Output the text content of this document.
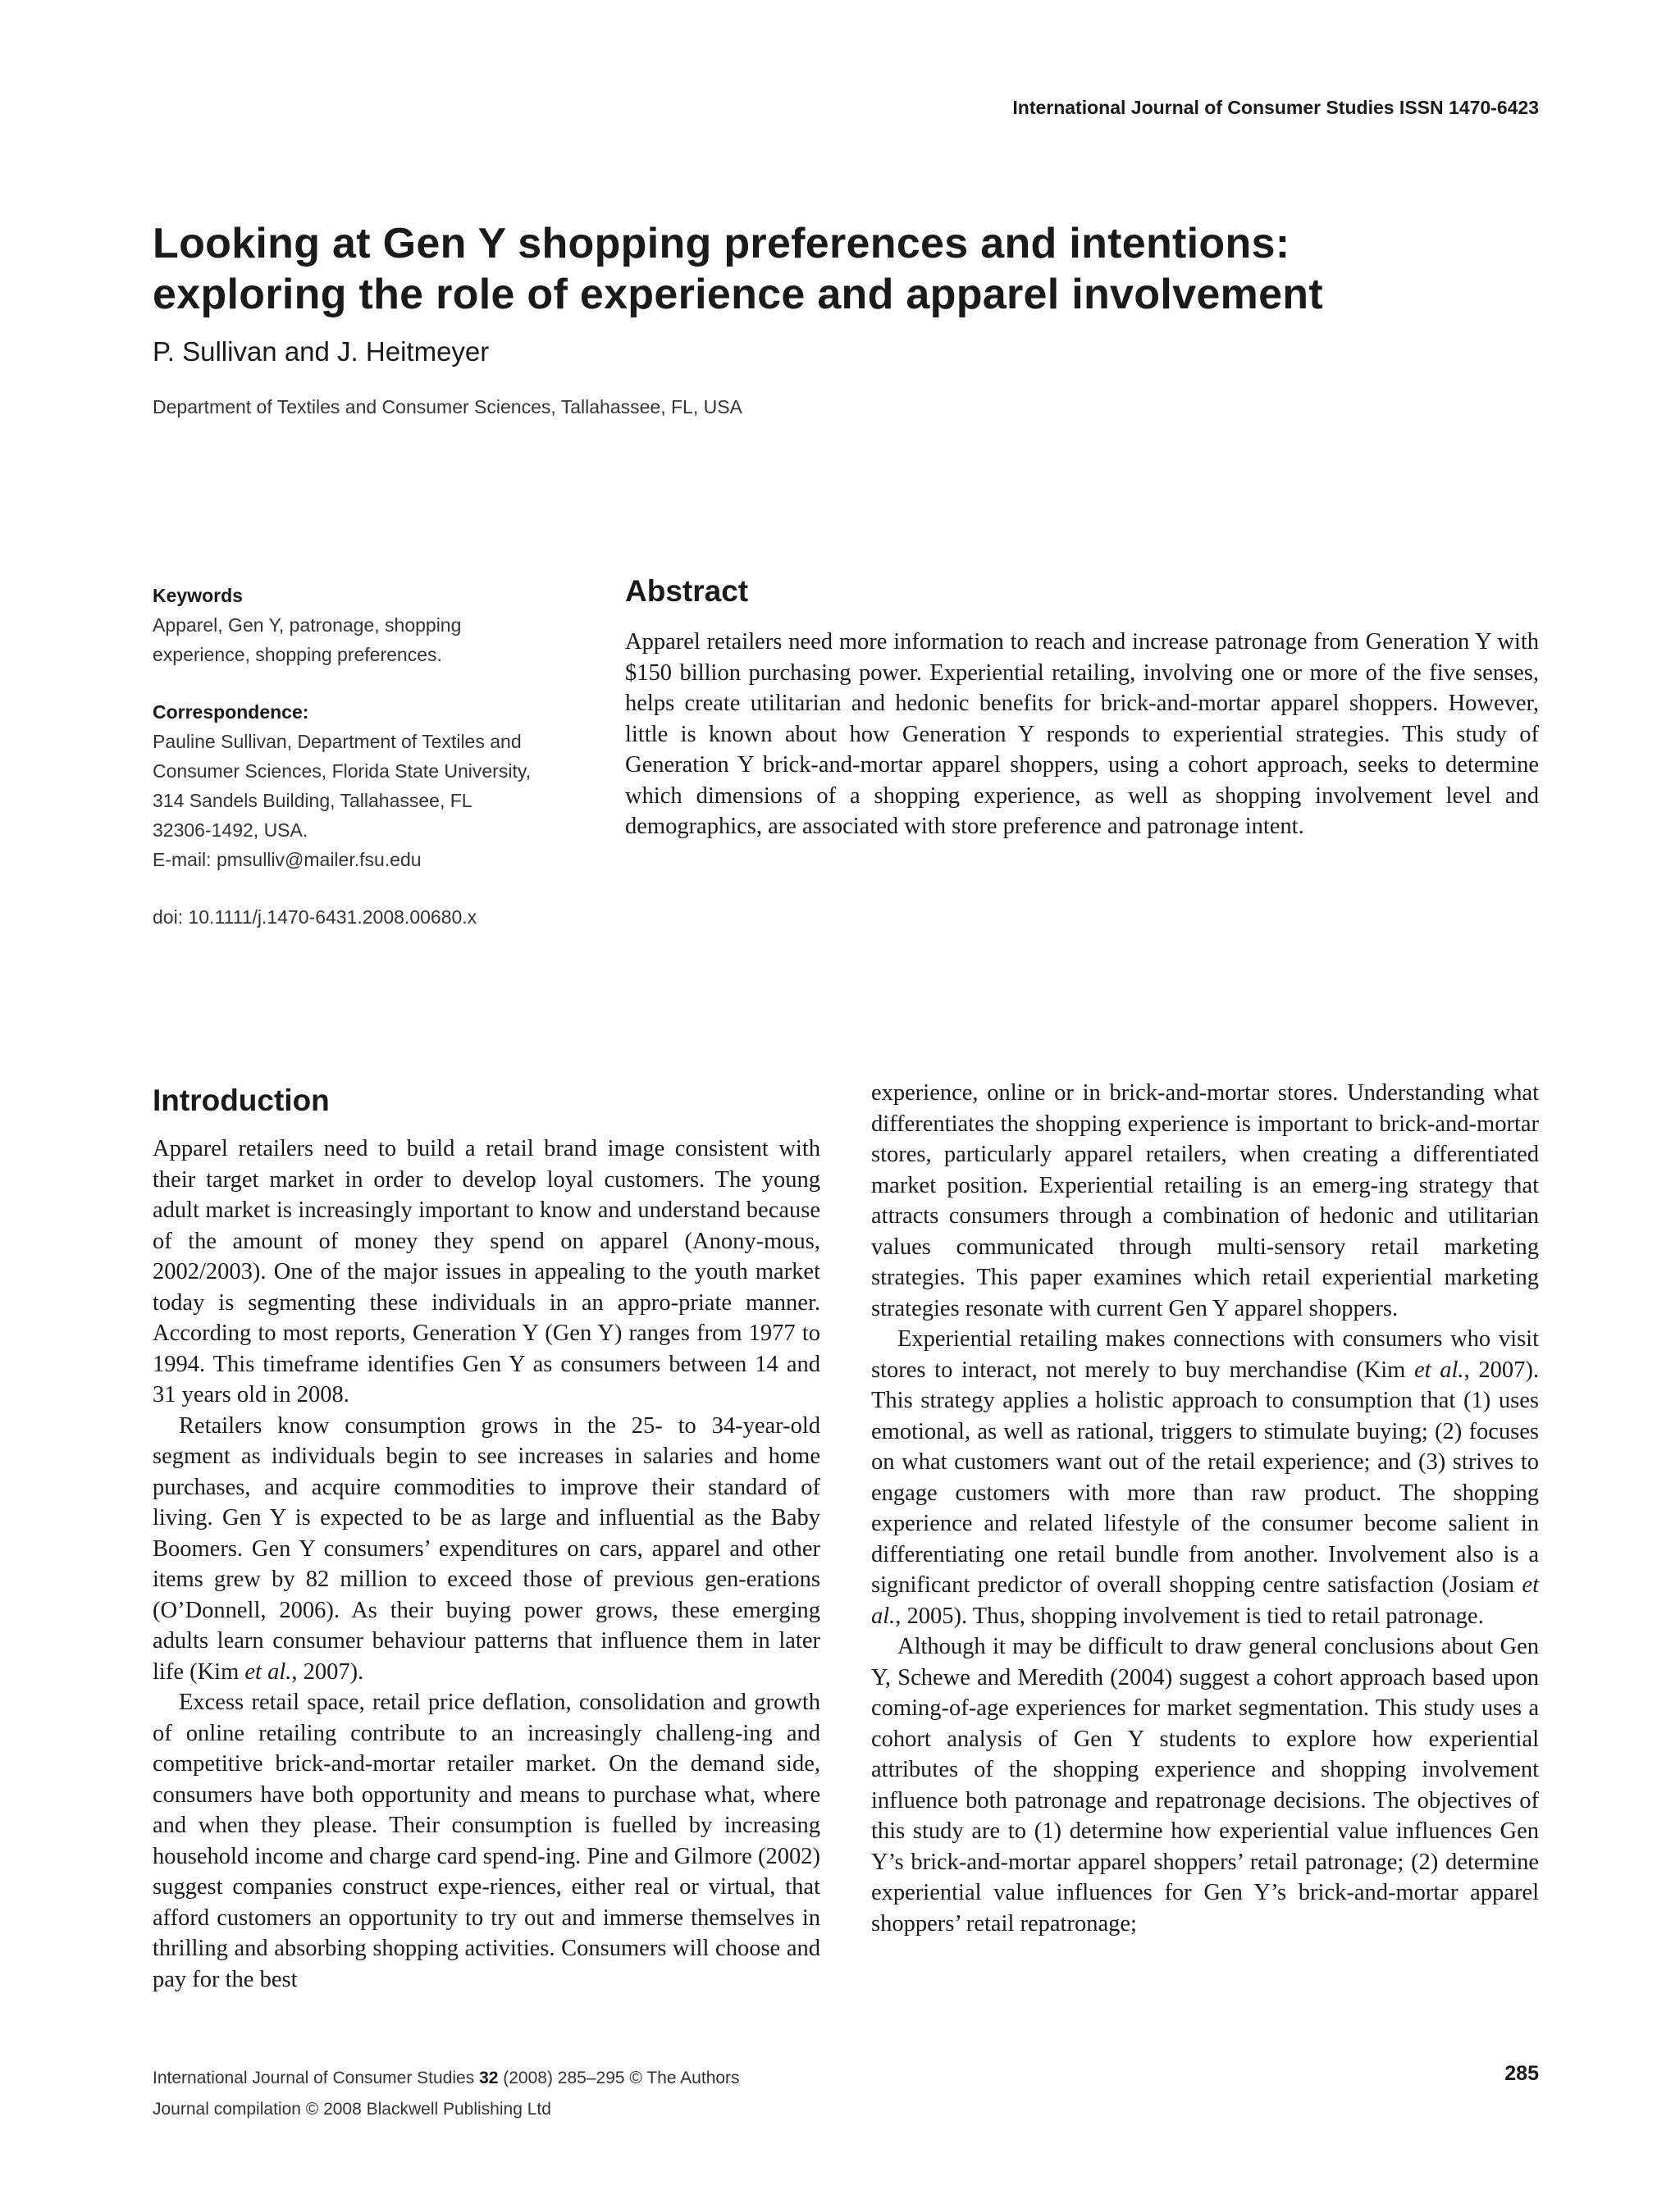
International Journal of Consumer Studies ISSN 1470-6423
Looking at Gen Y shopping preferences and intentions:
exploring the role of experience and apparel involvement
P. Sullivan and J. Heitmeyer
Department of Textiles and Consumer Sciences, Tallahassee, FL, USA

Keywords

Apparel, Gen Y, patronage, shopping

experience, shopping preferences.

Correspondence:

Pauline Sullivan, Department of Textiles and

Consumer Sciences, Florida State University,

314 Sandels Building, Tallahassee, FL

32306-1492, USA.

E-mail: pmsulliv@mailer.fsu.edu

doi: 10.1111/j.1470-6431.2008.00680.x

Abstract

Apparel retailers need more information to reach and increase patronage from Generation Y with $150 billion purchasing power. Experiential retailing, involving one or more of the five senses, helps create utilitarian and hedonic benefits for brick-and-mortar apparel shoppers. However, little is known about how Generation Y responds to experiential strategies. This study of Generation Y brick-and-mortar apparel shoppers, using a cohort approach, seeks to determine which dimensions of a shopping experience, as well as shopping involvement level and demographics, are associated with store preference and patronage intent.

Introduction

Apparel retailers need to build a retail brand image consistent with their target market in order to develop loyal customers. The young adult market is increasingly important to know and understand because of the amount of money they spend on apparel (Anony-mous, 2002/2003). One of the major issues in appealing to the youth market today is segmenting these individuals in an appro-priate manner. According to most reports, Generation Y (Gen Y) ranges from 1977 to 1994. This timeframe identifies Gen Y as consumers between 14 and 31 years old in 2008.

Retailers know consumption grows in the 25- to 34-year-old segment as individuals begin to see increases in salaries and home purchases, and acquire commodities to improve their standard of living. Gen Y is expected to be as large and influential as the Baby Boomers. Gen Y consumers’ expenditures on cars, apparel and other items grew by 82 million to exceed those of previous gen-erations (O’Donnell, 2006). As their buying power grows, these emerging adults learn consumer behaviour patterns that influence them in later life (Kim et al., 2007).

Excess retail space, retail price deflation, consolidation and growth of online retailing contribute to an increasingly challeng-ing and competitive brick-and-mortar retailer market. On the demand side, consumers have both opportunity and means to purchase what, where and when they please. Their consumption is fuelled by increasing household income and charge card spend-ing. Pine and Gilmore (2002) suggest companies construct expe-riences, either real or virtual, that afford customers an opportunity to try out and immerse themselves in thrilling and absorbing shopping activities. Consumers will choose and pay for the best

experience, online or in brick-and-mortar stores. Understanding what differentiates the shopping experience is important to brick-and-mortar stores, particularly apparel retailers, when creating a differentiated market position. Experiential retailing is an emerg-ing strategy that attracts consumers through a combination of hedonic and utilitarian values communicated through multi-sensory retail marketing strategies. This paper examines which retail experiential marketing strategies resonate with current Gen Y apparel shoppers.

Experiential retailing makes connections with consumers who visit stores to interact, not merely to buy merchandise (Kim et al., 2007). This strategy applies a holistic approach to consumption that (1) uses emotional, as well as rational, triggers to stimulate buying; (2) focuses on what customers want out of the retail experience; and (3) strives to engage customers with more than raw product. The shopping experience and related lifestyle of the consumer become salient in differentiating one retail bundle from another. Involvement also is a significant predictor of overall shopping centre satisfaction (Josiam et al., 2005). Thus, shopping involvement is tied to retail patronage.

Although it may be difficult to draw general conclusions about Gen Y, Schewe and Meredith (2004) suggest a cohort approach based upon coming-of-age experiences for market segmentation. This study uses a cohort analysis of Gen Y students to explore how experiential attributes of the shopping experience and shopping involvement influence both patronage and repatronage decisions. The objectives of this study are to (1) determine how experiential value influences Gen Y’s brick-and-mortar apparel shoppers’ retail patronage; (2) determine experiential value influences for Gen Y’s brick-and-mortar apparel shoppers’ retail repatronage;

International Journal of Consumer Studies 32 (2008) 285–295 © The Authors
Journal compilation © 2008 Blackwell Publishing Ltd
285
